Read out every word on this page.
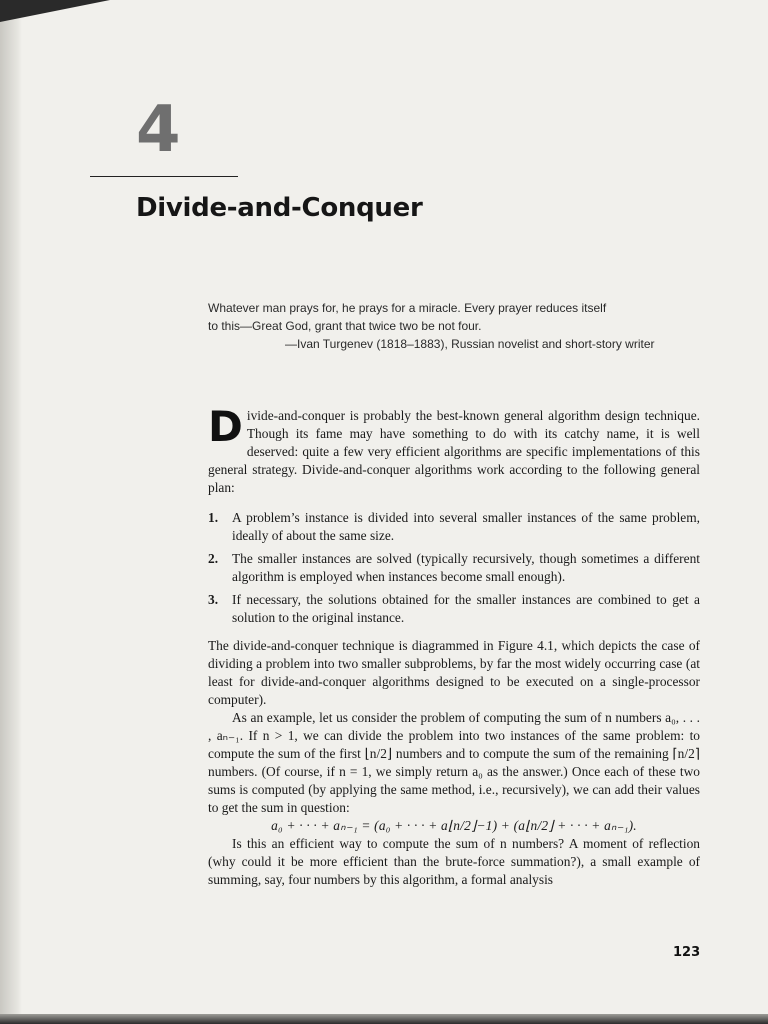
4
Divide-and-Conquer
Whatever man prays for, he prays for a miracle. Every prayer reduces itself
to this—Great God, grant that twice two be not four.

—Ivan Turgenev (1818–1883), Russian novelist and short-story writer

Divide-and-conquer is probably the best-known general algorithm design technique. Though its fame may have something to do with its catchy name, it is well deserved: quite a few very efficient algorithms are specific implementations of this general strategy. Divide-and-conquer algorithms work according to the following general plan:

1. A problem’s instance is divided into several smaller instances of the same problem, ideally of about the same size.
2. The smaller instances are solved (typically recursively, though sometimes a different algorithm is employed when instances become small enough).
3. If necessary, the solutions obtained for the smaller instances are combined to get a solution to the original instance.

The divide-and-conquer technique is diagrammed in Figure 4.1, which depicts the case of dividing a problem into two smaller subproblems, by far the most widely occurring case (at least for divide-and-conquer algorithms designed to be executed on a single-processor computer).

As an example, let us consider the problem of computing the sum of n numbers a₀, . . . , aₙ₋₁. If n > 1, we can divide the problem into two instances of the same problem: to compute the sum of the first ⌊n/2⌋ numbers and to compute the sum of the remaining ⌈n/2⌉ numbers. (Of course, if n = 1, we simply return a₀ as the answer.) Once each of these two sums is computed (by applying the same method, i.e., recursively), we can add their values to get the sum in question:

a₀ + · · · + aₙ₋₁ = (a₀ + · · · + a⌊n/2⌋−1) + (a⌊n/2⌋ + · · · + aₙ₋₁).

Is this an efficient way to compute the sum of n numbers? A moment of reflection (why could it be more efficient than the brute-force summation?), a small example of summing, say, four numbers by this algorithm, a formal analysis

123
